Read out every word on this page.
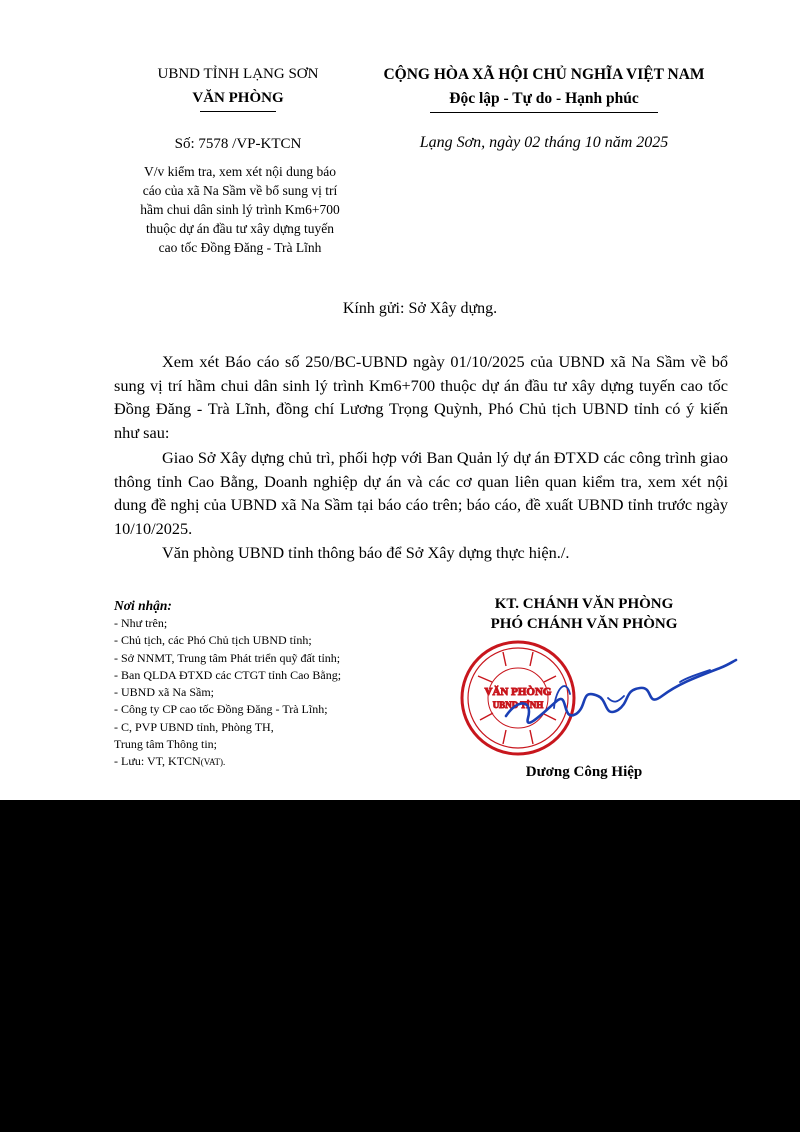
UBND TỈNH LẠNG SƠN
VĂN PHÒNG
CỘNG HÒA XÃ HỘI CHỦ NGHĨA VIỆT NAM
Độc lập - Tự do - Hạnh phúc
Số: 7578 /VP-KTCN	Lạng Sơn, ngày 02 tháng 10 năm 2025
V/v kiểm tra, xem xét nội dung báo
cáo của xã Na Sầm về bổ sung vị trí
hầm chui dân sinh lý trình Km6+700
thuộc dự án đầu tư xây dựng tuyến
cao tốc Đồng Đăng - Trà Lĩnh
Kính gửi: Sở Xây dựng.
Xem xét Báo cáo số 250/BC-UBND ngày 01/10/2025 của UBND xã Na Sầm về bổ sung vị trí hầm chui dân sinh lý trình Km6+700 thuộc dự án đầu tư xây dựng tuyến cao tốc Đồng Đăng - Trà Lĩnh, đồng chí Lương Trọng Quỳnh, Phó Chủ tịch UBND tỉnh có ý kiến như sau:
Giao Sở Xây dựng chủ trì, phối hợp với Ban Quản lý dự án ĐTXD các công trình giao thông tỉnh Cao Bằng, Doanh nghiệp dự án và các cơ quan liên quan kiểm tra, xem xét nội dung đề nghị của UBND xã Na Sầm tại báo cáo trên; báo cáo, đề xuất UBND tỉnh trước ngày 10/10/2025.
Văn phòng UBND tỉnh thông báo để Sở Xây dựng thực hiện./.
Nơi nhận:
- Như trên;
- Chủ tịch, các Phó Chủ tịch UBND tỉnh;
- Sở NNMT, Trung tâm Phát triển quỹ đất tỉnh;
- Ban QLDA ĐTXD các CTGT tỉnh Cao Bằng;
- UBND xã Na Sầm;
- Công ty CP cao tốc Đồng Đăng - Trà Lĩnh;
- C, PVP UBND tỉnh, Phòng TH,
Trung tâm Thông tin;
- Lưu: VT, KTCN(VAT).
KT. CHÁNH VĂN PHÒNG
PHÓ CHÁNH VĂN PHÒNG
VĂN PHÒNG
UBND TỈNH
Dương Công Hiệp
